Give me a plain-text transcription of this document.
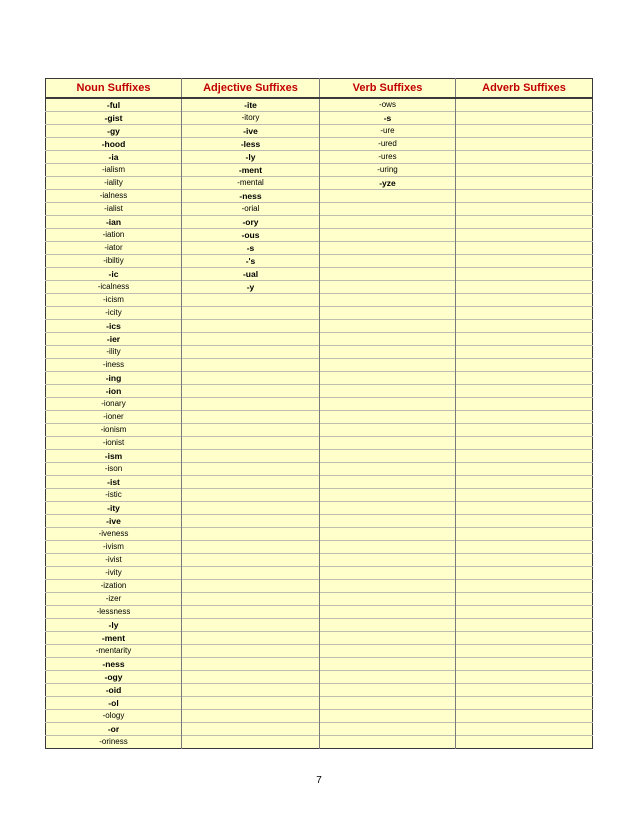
Noun Suffixes	Adjective Suffixes	Verb Suffixes	Adverb Suffixes
-ful	-ite	-ows	
-gist	-itory	-s	
-gy	-ive	-ure	
-hood	-less	-ured	
-ia	-ly	-ures	
-ialism	-ment	-uring	
-iality	-mental	-yze	
-ialness	-ness		
-ialist	-orial		
-ian	-ory		
-iation	-ous		
-iator	-s		
-ibiltiy	-'s		
-ic	-ual		
-icalness	-y		
-icism			
-icity			
-ics			
-ier			
-ility			
-iness			
-ing			
-ion			
-ionary			
-ioner			
-ionism			
-ionist			
-ism			
-ison			
-ist			
-istic			
-ity			
-ive			
-iveness			
-ivism			
-ivist			
-ivity			
-ization			
-izer			
-lessness			
-ly			
-ment			
-mentarity			
-ness			
-ogy			
-oid			
-ol			
-ology			
-or			
-oriness			
7
